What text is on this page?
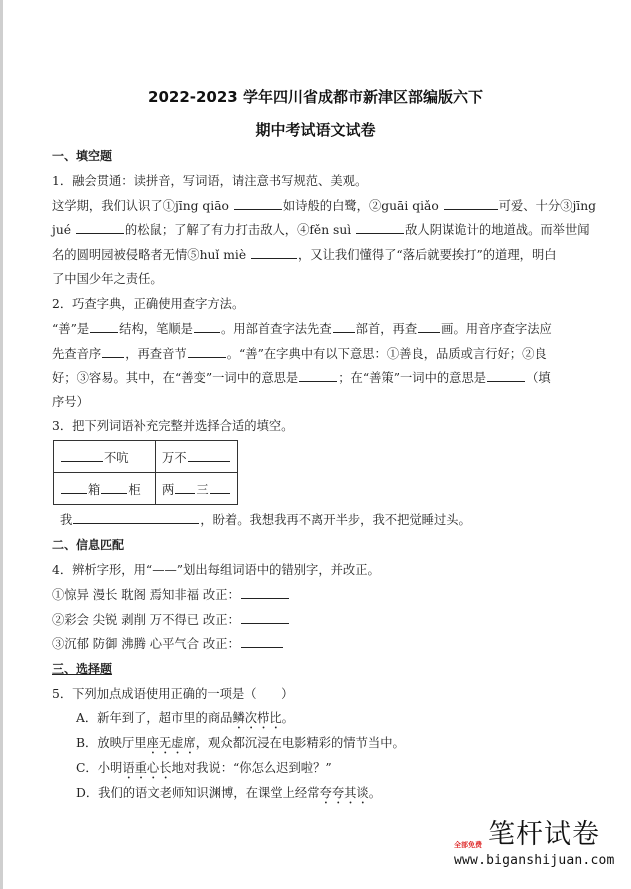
2022-2023 学年四川省成都市新津区部编版六下
期中考试语文试卷
一、填空题
1．融会贯通：读拼音，写词语，请注意书写规范、美观。
这学期，我们认识了①jīng qiāo	如诗般的白鹭，②guāi qiǎo	可爱、十分③jīng
jué	的松鼠；了解了有力打击敌人，④fěn suì	敌人阴谋诡计的地道战。而举世闻
名的圆明园被侵略者无情⑤huǐ miè	，又让我们懂得了“落后就要挨打”的道理，明白
了中国少年之责任。
2．巧查字典，正确使用查字方法。
“善”是 结构，笔顺是 。用部首查字法先查 部首，再查 画。用音序查字法应
先查音序 ，再查音节	。“善”在字典中有以下意思：①善良，品质或言行好；②良
好；③容易。其中，在“善变”一词中的意思是	；在“善策”一词中的意思是	（填
序号）
3．把下列词语补充完整并选择合适的填空。
不吭	万不
箱 柜	两 三
我	，盼着。我想我再不离开半步，我不把觉睡过头。
二、信息匹配
4．辨析字形，用“——”划出每组词语中的错别字，并改正。
①惊异 漫长 耽阁 焉知非福 改正：
②彩会 尖锐 剥削 万不得已 改正：
③沉郁 防御 沸腾 心平气合 改正：
三、选择题
5．下列加点成语使用正确的一项是（　　）
A．新年到了，超市里的商品鳞次栉比。
B．放映厅里座无虚席，观众都沉浸在电影精彩的情节当中。
C．小明语重心长地对我说：“你怎么迟到啦？”
D．我们的语文老师知识渊博，在课堂上经常夸夸其谈。
笔杆试卷
全部免费
www.biganshijuan.com
